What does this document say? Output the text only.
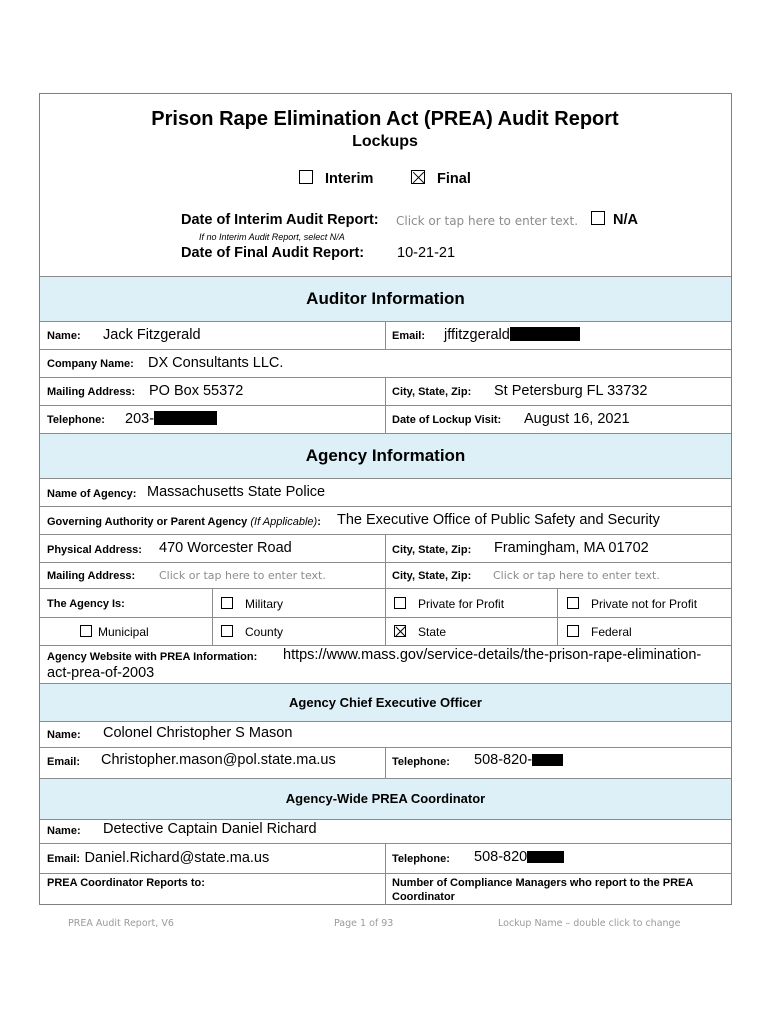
Prison Rape Elimination Act (PREA) Audit Report
Lockups
Interim	Final
Date of Interim Audit Report: Click or tap here to enter text.	N/A
If no Interim Audit Report, select N/A
Date of Final Audit Report: 10-21-21
Auditor Information
Name: Jack Fitzgerald	Email: jffitzgerald
Company Name: DX Consultants LLC.
Mailing Address: PO Box 55372	City, State, Zip: St Petersburg FL 33732
Telephone: 203-	Date of Lockup Visit: August 16, 2021
Agency Information
Name of Agency: Massachusetts State Police
Governing Authority or Parent Agency (If Applicable): The Executive Office of Public Safety and Security
Physical Address: 470 Worcester Road	City, State, Zip: Framingham, MA 01702
Mailing Address: Click or tap here to enter text.	City, State, Zip: Click or tap here to enter text.
The Agency Is:	Military	Private for Profit	Private not for Profit
Municipal	County	State	Federal
Agency Website with PREA Information: https://www.mass.gov/service-details/the-prison-rape-elimination-
act-prea-of-2003
Agency Chief Executive Officer
Name: Colonel Christopher S Mason
Email: Christopher.mason@pol.state.ma.us	Telephone: 508-820-
Agency-Wide PREA Coordinator
Name: Detective Captain Daniel Richard
Email: Daniel.Richard@state.ma.us	Telephone: 508-820
PREA Coordinator Reports to:	Number of Compliance Managers who report to the PREA
Coordinator
PREA Audit Report, V6	Page 1 of 93	Lockup Name – double click to change
